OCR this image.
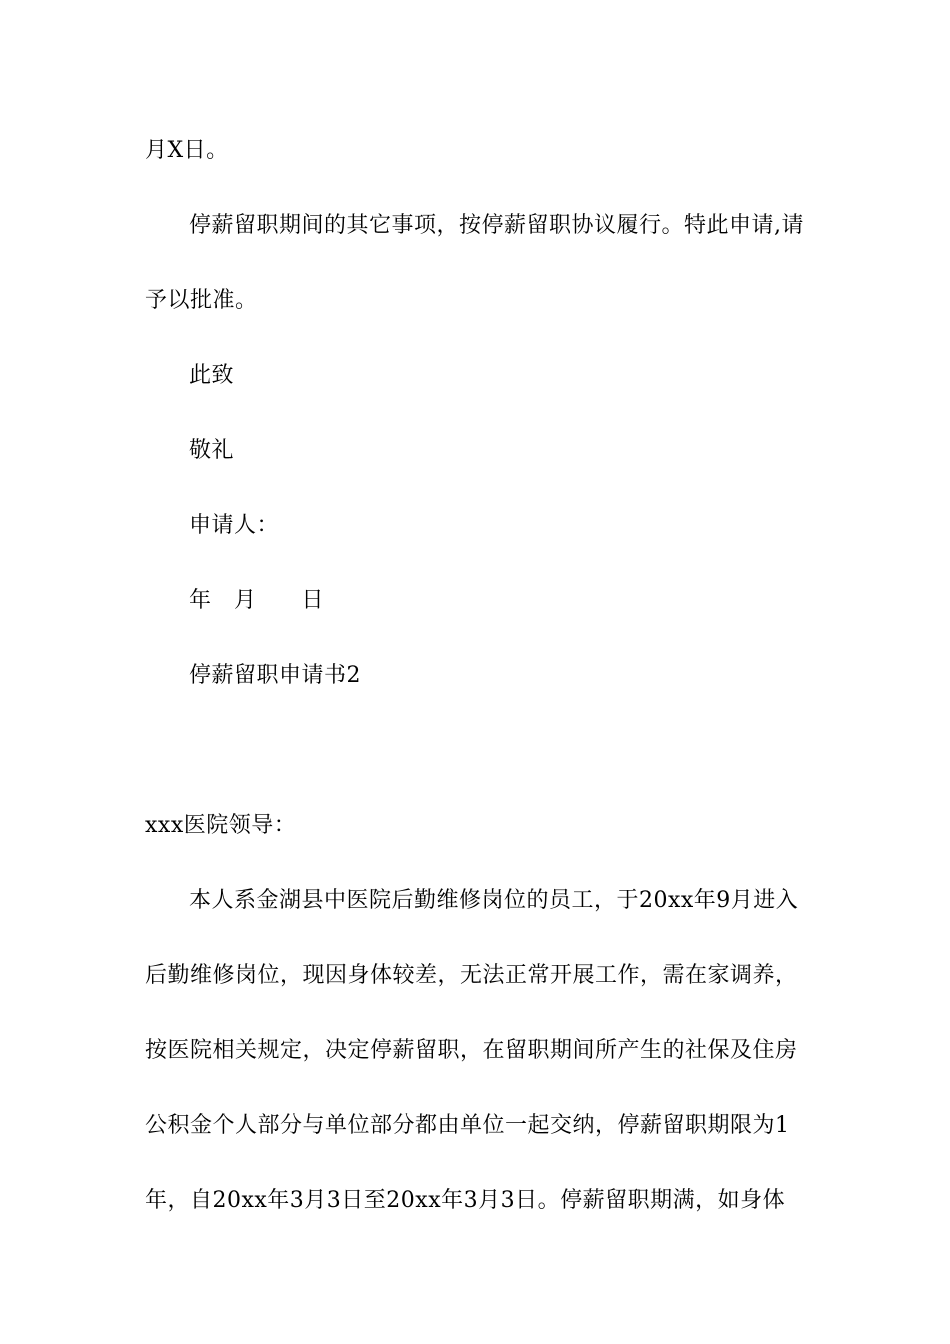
月X日。
停薪留职期间的其它事项，按停薪留职协议履行。特此申请,请
予以批准。
此致
敬礼
申请人：
年　月　　日
停薪留职申请书2
xxx医院领导：
本人系金湖县中医院后勤维修岗位的员工，于20xx年9月进入
后勤维修岗位，现因身体较差，无法正常开展工作，需在家调养，
按医院相关规定，决定停薪留职，在留职期间所产生的社保及住房
公积金个人部分与单位部分都由单位一起交纳，停薪留职期限为1
年，自20xx年3月3日至20xx年3月3日。停薪留职期满，如身体
